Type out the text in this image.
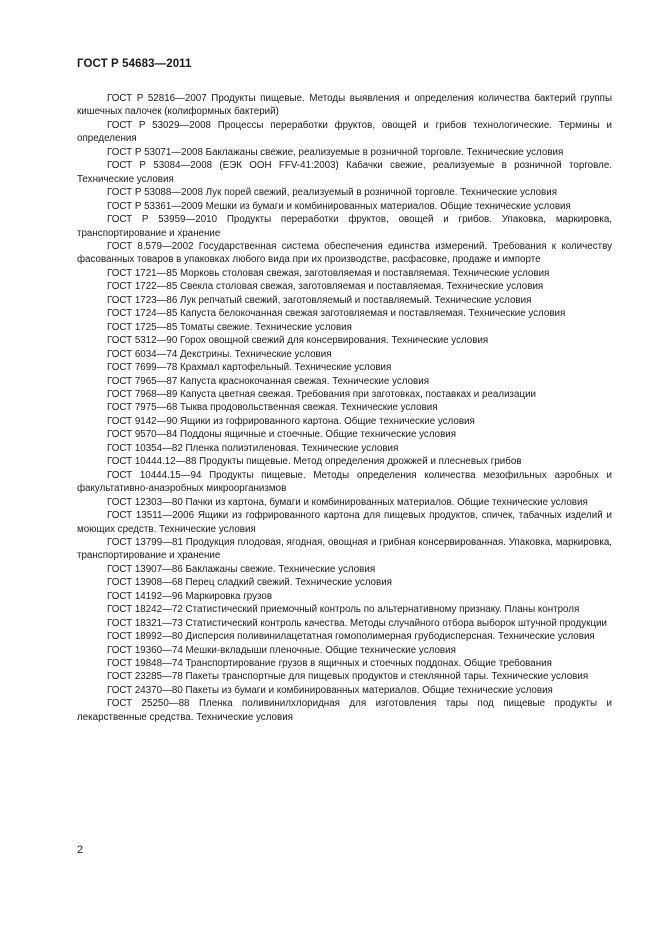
ГОСТ Р 54683—2011

ГОСТ Р 52816—2007 Продукты пищевые. Методы выявления и определения количества бактерий группы кишечных палочек (колиформных бактерий)

ГОСТ Р 53029—2008 Процессы переработки фруктов, овощей и грибов технологические. Термины и определения

ГОСТ Р 53071—2008 Баклажаны свежие, реализуемые в розничной торговле. Технические условия

ГОСТ Р 53084—2008 (ЕЭК ООН FFV-41:2003) Кабачки свежие, реализуемые в розничной торговле. Технические условия

ГОСТ Р 53088—2008 Лук порей свежий, реализуемый в розничной торговле. Технические условия

ГОСТ Р 53361—2009 Мешки из бумаги и комбинированных материалов. Общие технические условия

ГОСТ Р 53959—2010 Продукты переработки фруктов, овощей и грибов. Упаковка, маркировка, транспортирование и хранение

ГОСТ 8.579—2002 Государственная система обеспечения единства измерений. Требования к количеству фасованных товаров в упаковках любого вида при их производстве, расфасовке, продаже и импорте

ГОСТ 1721—85 Морковь столовая свежая, заготовляемая и поставляемая. Технические условия

ГОСТ 1722—85 Свекла столовая свежая, заготовляемая и поставляемая. Технические условия

ГОСТ 1723—86 Лук репчатый свежий, заготовляемый и поставляемый. Технические условия

ГОСТ 1724—85 Капуста белокочанная свежая заготовляемая и поставляемая. Технические условия

ГОСТ 1725—85 Томаты свежие. Технические условия

ГОСТ 5312—90 Горох овощной свежий для консервирования. Технические условия

ГОСТ 6034—74 Декстрины. Технические условия

ГОСТ 7699—78 Крахмал картофельный. Технические условия

ГОСТ 7965—87 Капуста краснокочанная свежая. Технические условия

ГОСТ 7968—89 Капуста цветная свежая. Требования при заготовках, поставках и реализации

ГОСТ 7975—68 Тыква продовольственная свежая. Технические условия

ГОСТ 9142—90 Ящики из гофрированного картона. Общие технические условия

ГОСТ 9570—84 Поддоны ящичные и стоечные. Общие технические условия

ГОСТ 10354—82 Пленка полиэтиленовая. Технические условия

ГОСТ 10444.12—88 Продукты пищевые. Метод определения дрожжей и плесневых грибов

ГОСТ 10444.15—94 Продукты пищевые. Методы определения количества мезофильных аэробных и факультативно-анаэробных микроорганизмов

ГОСТ 12303—80 Пачки из картона, бумаги и комбинированных материалов. Общие технические условия

ГОСТ 13511—2006 Ящики из гофрированного картона для пищевых продуктов, спичек, табачных изделий и моющих средств. Технические условия

ГОСТ 13799—81 Продукция плодовая, ягодная, овощная и грибная консервированная. Упаковка, маркировка, транспортирование и хранение

ГОСТ 13907—86 Баклажаны свежие. Технические условия

ГОСТ 13908—68 Перец сладкий свежий. Технические условия

ГОСТ 14192—96 Маркировка грузов

ГОСТ 18242—72 Статистический приемочный контроль по альтернативному признаку. Планы контроля

ГОСТ 18321—73 Статистический контроль качества. Методы случайного отбора выборок штучной продукции

ГОСТ 18992—80 Дисперсия поливинилацетатная гомополимерная грубодисперсная. Технические условия

ГОСТ 19360—74 Мешки-вкладыши пленочные. Общие технические условия

ГОСТ 19848—74 Транспортирование грузов в ящичных и стоечных поддонах. Общие требования

ГОСТ 23285—78 Пакеты транспортные для пищевых продуктов и стеклянной тары. Технические условия

ГОСТ 24370—80 Пакеты из бумаги и комбинированных материалов. Общие технические условия

ГОСТ 25250—88 Пленка поливинилхлоридная для изготовления тары под пищевые продукты и лекарственные средства. Технические условия

2
